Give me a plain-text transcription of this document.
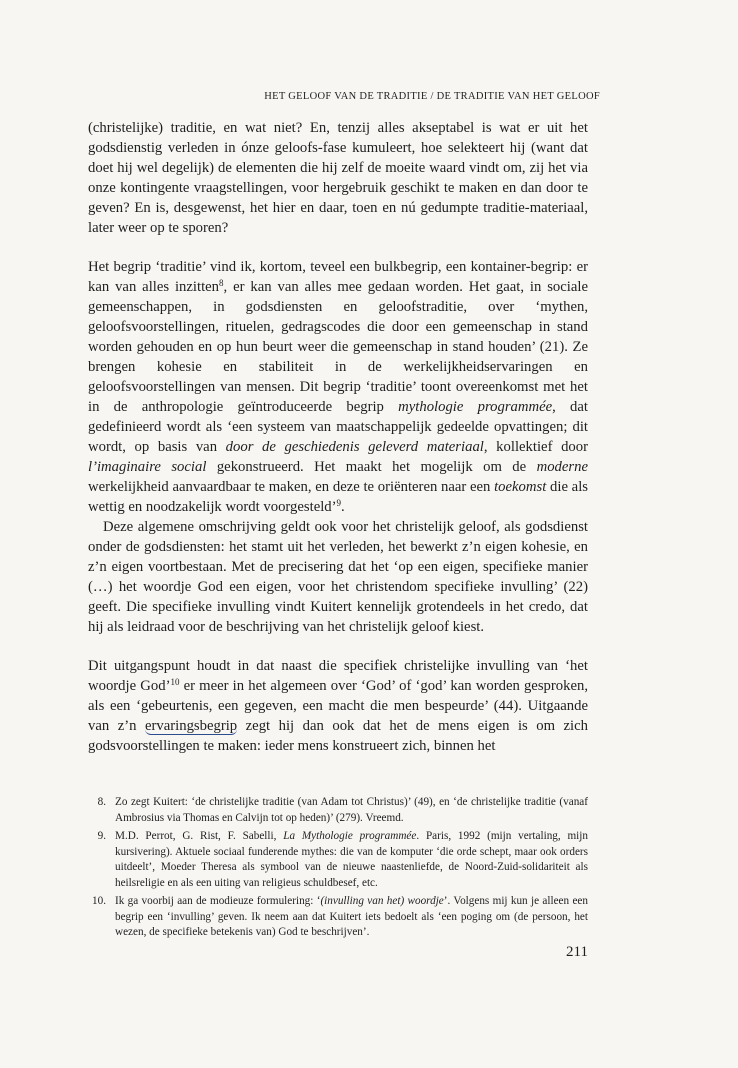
HET GELOOF VAN DE TRADITIE / DE TRADITIE VAN HET GELOOF

(christelijke) traditie, en wat niet? En, tenzij alles akseptabel is wat er uit het godsdienstig verleden in ónze geloofs-fase kumuleert, hoe selekteert hij (want dat doet hij wel degelijk) de elementen die hij zelf de moeite waard vindt om, zij het via onze kontingente vraagstellingen, voor hergebruik geschikt te maken en dan door te geven? En is, desgewenst, het hier en daar, toen en nú gedumpte traditie-materiaal, later weer op te sporen?

Het begrip ‘traditie’ vind ik, kortom, teveel een bulkbegrip, een kontainer-begrip: er kan van alles inzitten$^8$, er kan van alles mee gedaan worden. Het gaat, in sociale gemeenschappen, in godsdiensten en geloofstraditie, over ‘mythen, geloofsvoorstellingen, rituelen, gedragscodes die door een gemeenschap in stand worden gehouden en op hun beurt weer die gemeenschap in stand houden’ (21). Ze brengen kohesie en stabiliteit in de werkelijkheidservaringen en geloofsvoorstellingen van mensen. Dit begrip ‘traditie’ toont overeenkomst met het in de anthropologie geïntroduceerde begrip mythologie programmée, dat gedefinieerd wordt als ‘een systeem van maatschappelijk gedeelde opvattingen; dit wordt, op basis van door de geschiedenis geleverd materiaal, kollektief door l’imaginaire social gekonstrueerd. Het maakt het mogelijk om de moderne werkelijkheid aanvaardbaar te maken, en deze te oriënteren naar een toekomst die als wettig en noodzakelijk wordt voorgesteld’$^9$.

Deze algemene omschrijving geldt ook voor het christelijk geloof, als godsdienst onder de godsdiensten: het stamt uit het verleden, het bewerkt z’n eigen kohesie, en z’n eigen voortbestaan. Met de precisering dat het ‘op een eigen, specifieke manier (…) het woordje God een eigen, voor het christendom specifieke invulling’ (22) geeft. Die specifieke invulling vindt Kuitert kennelijk grotendeels in het credo, dat hij als leidraad voor de beschrijving van het christelijk geloof kiest.

Dit uitgangspunt houdt in dat naast die specifiek christelijke invulling van ‘het woordje God’$^{10}$ er meer in het algemeen over ‘God’ of ‘god’ kan worden gesproken, als een ‘gebeurtenis, een gegeven, een macht die men bespeurde’ (44). Uitgaande van z’n ervaringsbegrip zegt hij dan ook dat het de mens eigen is om zich godsvoorstellingen te maken: ieder mens konstrueert zich, binnen het

8. Zo zegt Kuitert: ‘de christelijke traditie (van Adam tot Christus)’ (49), en ‘de christelijke traditie (vanaf Ambrosius via Thomas en Calvijn tot op heden)’ (279). Vreemd.
9. M.D. Perrot, G. Rist, F. Sabelli, La Mythologie programmée. Paris, 1992 (mijn vertaling, mijn kursivering). Aktuele sociaal funderende mythes: die van de komputer ‘die orde schept, maar ook orders uitdeelt’, Moeder Theresa als symbool van de nieuwe naastenliefde, de Noord-Zuid-solidariteit als heilsreligie en als een uiting van religieus schuldbesef, etc.
10. Ik ga voorbij aan de modieuze formulering: ‘(invulling van het) woordje’. Volgens mij kun je alleen een begrip een ‘invulling’ geven. Ik neem aan dat Kuitert iets bedoelt als ‘een poging om (de persoon, het wezen, de specifieke betekenis van) God te beschrijven’.
211
